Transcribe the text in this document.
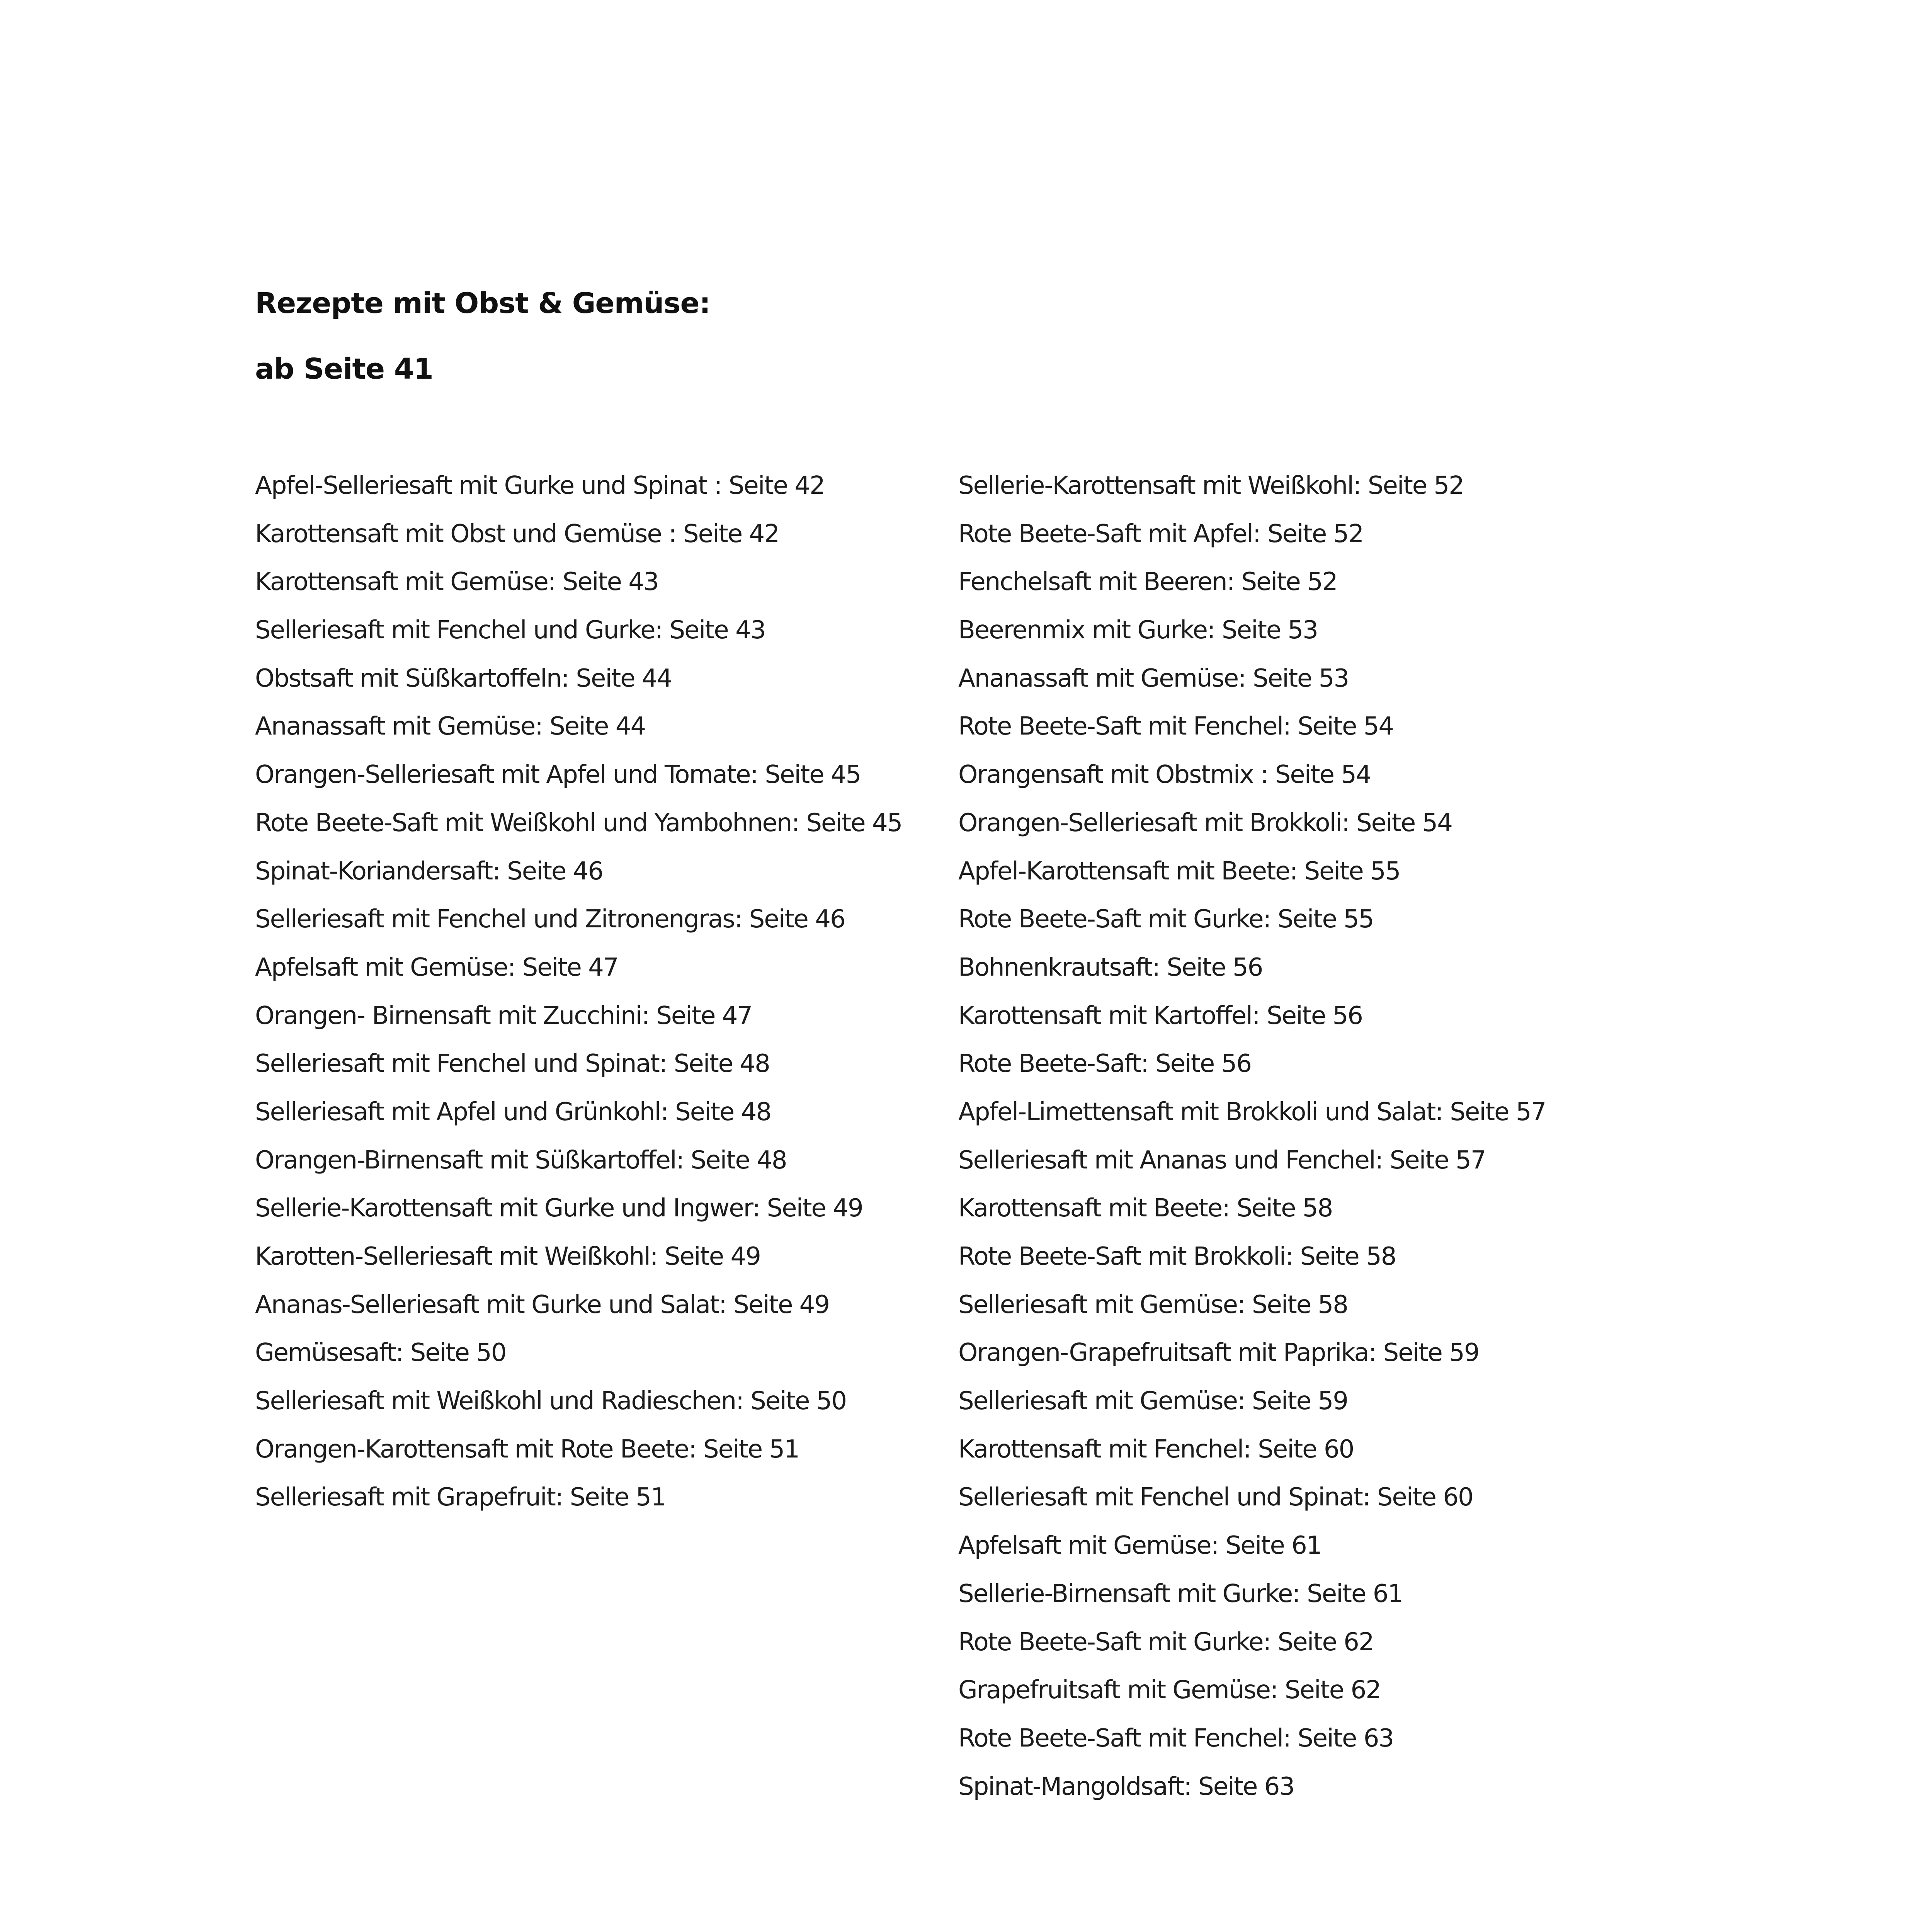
Rezepte mit Obst & Gemüse:
ab Seite 41
Apfel-Selleriesaft mit Gurke und Spinat : Seite 42
Karottensaft mit Obst und Gemüse : Seite 42
Karottensaft mit Gemüse: Seite 43
Selleriesaft mit Fenchel und Gurke: Seite 43
Obstsaft mit Süßkartoffeln: Seite 44
Ananassaft mit Gemüse: Seite 44
Orangen-Selleriesaft mit Apfel und Tomate: Seite 45
Rote Beete-Saft mit Weißkohl und Yambohnen: Seite 45
Spinat-Koriandersaft: Seite 46
Selleriesaft mit Fenchel und Zitronengras: Seite 46
Apfelsaft mit Gemüse: Seite 47
Orangen- Birnensaft mit Zucchini: Seite 47
Selleriesaft mit Fenchel und Spinat: Seite 48
Selleriesaft mit Apfel und Grünkohl: Seite 48
Orangen-Birnensaft mit Süßkartoffel: Seite 48
Sellerie-Karottensaft mit Gurke und Ingwer: Seite 49
Karotten-Selleriesaft mit Weißkohl: Seite 49
Ananas-Selleriesaft mit Gurke und Salat: Seite 49
Gemüsesaft: Seite 50
Selleriesaft mit Weißkohl und Radieschen: Seite 50
Orangen-Karottensaft mit Rote Beete: Seite 51
Selleriesaft mit Grapefruit: Seite 51
Sellerie-Karottensaft mit Weißkohl: Seite 52
Rote Beete-Saft mit Apfel: Seite 52
Fenchelsaft mit Beeren: Seite 52
Beerenmix mit Gurke: Seite 53
Ananassaft mit Gemüse: Seite 53
Rote Beete-Saft mit Fenchel: Seite 54
Orangensaft mit Obstmix : Seite 54
Orangen-Selleriesaft mit Brokkoli: Seite 54
Apfel-Karottensaft mit Beete: Seite 55
Rote Beete-Saft mit Gurke: Seite 55
Bohnenkrautsaft: Seite 56
Karottensaft mit Kartoffel: Seite 56
Rote Beete-Saft: Seite 56
Apfel-Limettensaft mit Brokkoli und Salat: Seite 57
Selleriesaft mit Ananas und Fenchel: Seite 57
Karottensaft mit Beete: Seite 58
Rote Beete-Saft mit Brokkoli: Seite 58
Selleriesaft mit Gemüse: Seite 58
Orangen-Grapefruitsaft mit Paprika: Seite 59
Selleriesaft mit Gemüse: Seite 59
Karottensaft mit Fenchel: Seite 60
Selleriesaft mit Fenchel und Spinat: Seite 60
Apfelsaft mit Gemüse: Seite 61
Sellerie-Birnensaft mit Gurke: Seite 61
Rote Beete-Saft mit Gurke: Seite 62
Grapefruitsaft mit Gemüse: Seite 62
Rote Beete-Saft mit Fenchel: Seite 63
Spinat-Mangoldsaft: Seite 63
